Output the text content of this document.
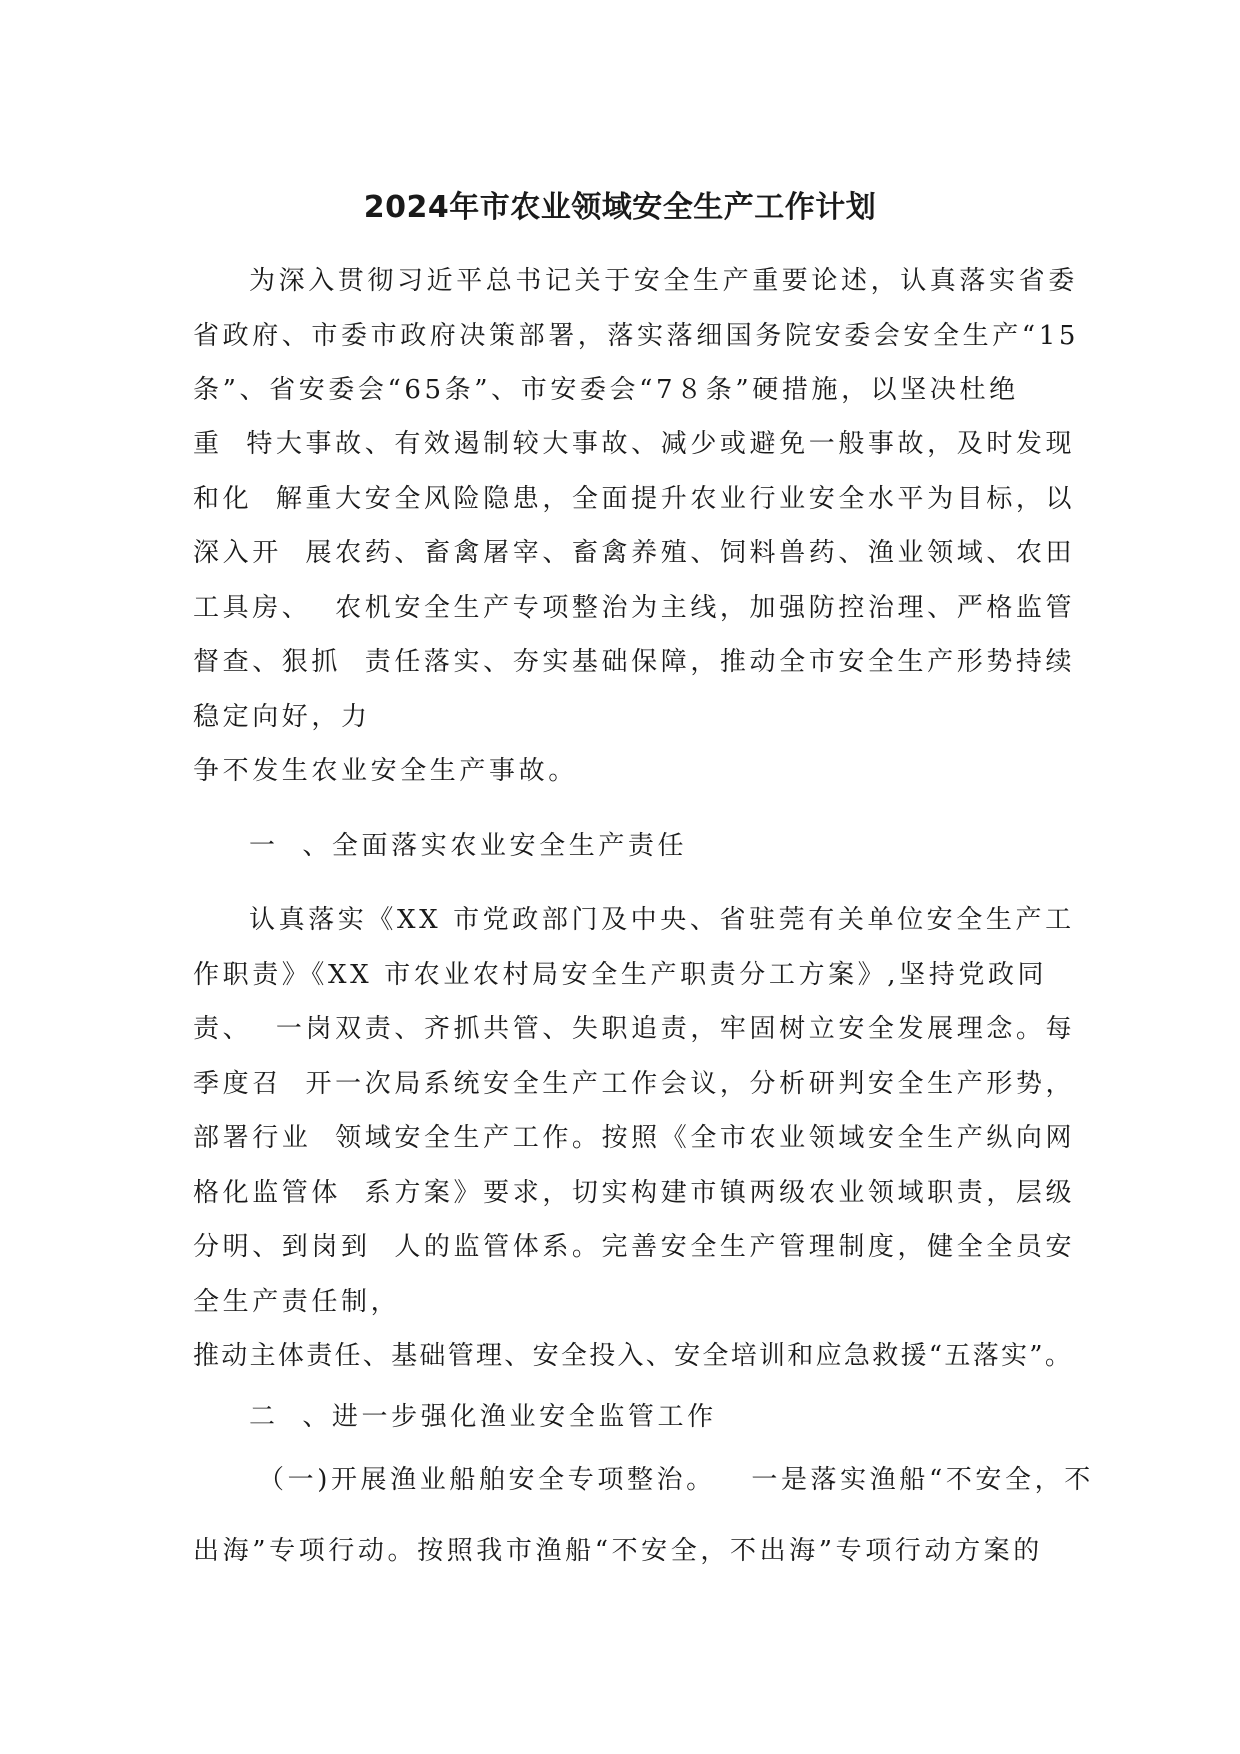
2024年市农业领域安全生产工作计划
为深入贯彻习近平总书记关于安全生产重要论述，认真落实省委
省政府、市委市政府决策部署，落实落细国务院安委会安全生产“15
条”、省安委会“65条”、市安委会“7８条”硬措施，以坚决杜绝
重  特大事故、有效遏制较大事故、减少或避免一般事故，及时发现
和化  解重大安全风险隐患，全面提升农业行业安全水平为目标，以
深入开  展农药、畜禽屠宰、畜禽养殖、饲料兽药、渔业领域、农田
工具房、  农机安全生产专项整治为主线，加强防控治理、严格监管
督查、狠抓  责任落实、夯实基础保障，推动全市安全生产形势持续
稳定向好，力
争不发生农业安全生产事故。
一  、全面落实农业安全生产责任
认真落实《XX 市党政部门及中央、省驻莞有关单位安全生产工
作职责》《XX 市农业农村局安全生产职责分工方案》,坚持党政同
责、  一岗双责、齐抓共管、失职追责，牢固树立安全发展理念。每
季度召  开一次局系统安全生产工作会议，分析研判安全生产形势，
部署行业  领域安全生产工作。按照《全市农业领域安全生产纵向网
格化监管体  系方案》要求，切实构建市镇两级农业领域职责，层级
分明、到岗到  人的监管体系。完善安全生产管理制度，健全全员安
全生产责任制，
推动主体责任、基础管理、安全投入、安全培训和应急救援“五落实”。
二  、进一步强化渔业安全监管工作
（一)开展渔业船舶安全专项整治。   一是落实渔船“不安全，不
出海”专项行动。按照我市渔船“不安全，不出海”专项行动方案的
